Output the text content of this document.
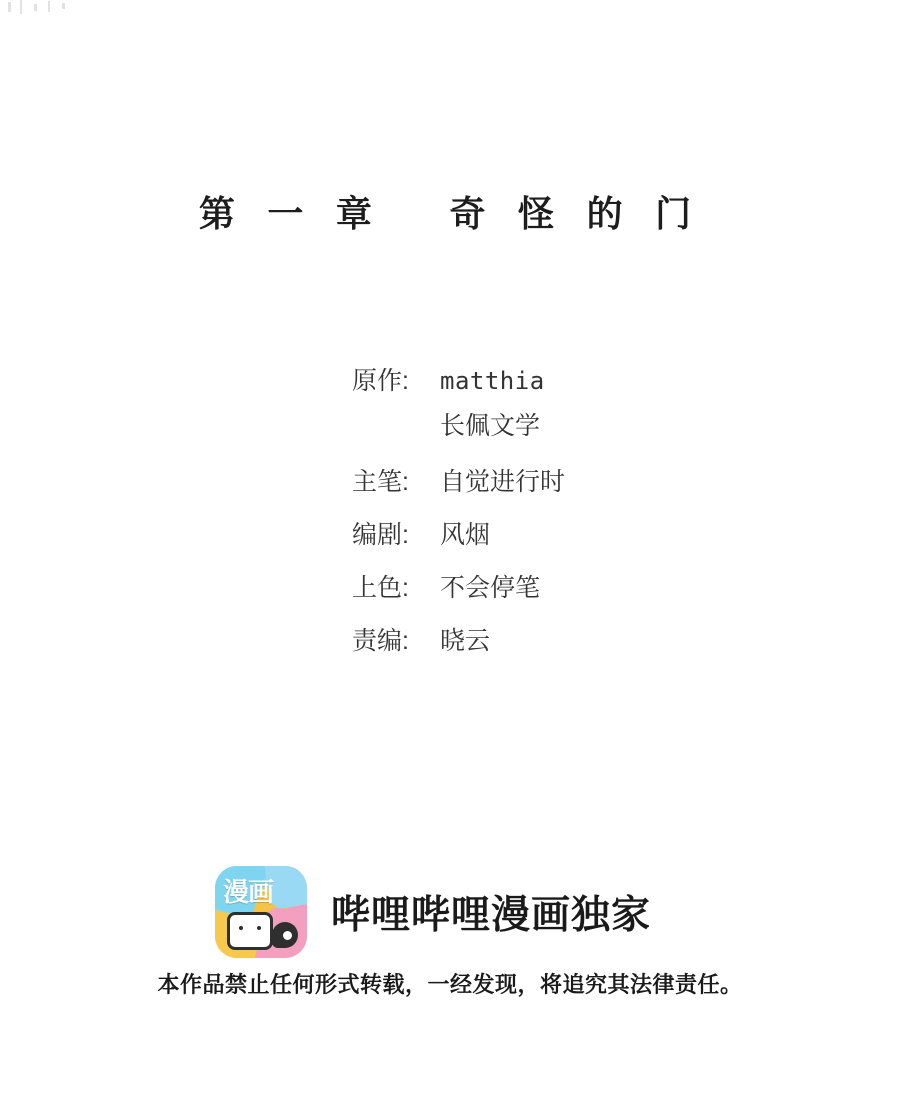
第 一 章   奇 怪 的 门
原作:	matthia
长佩文学
主笔:	自觉进行时
编剧:	风烟
上色:	不会停笔
责编:	晓云
漫画 哔哩哔哩漫画独家
本作品禁止任何形式转载，一经发现，将追究其法律责任。
